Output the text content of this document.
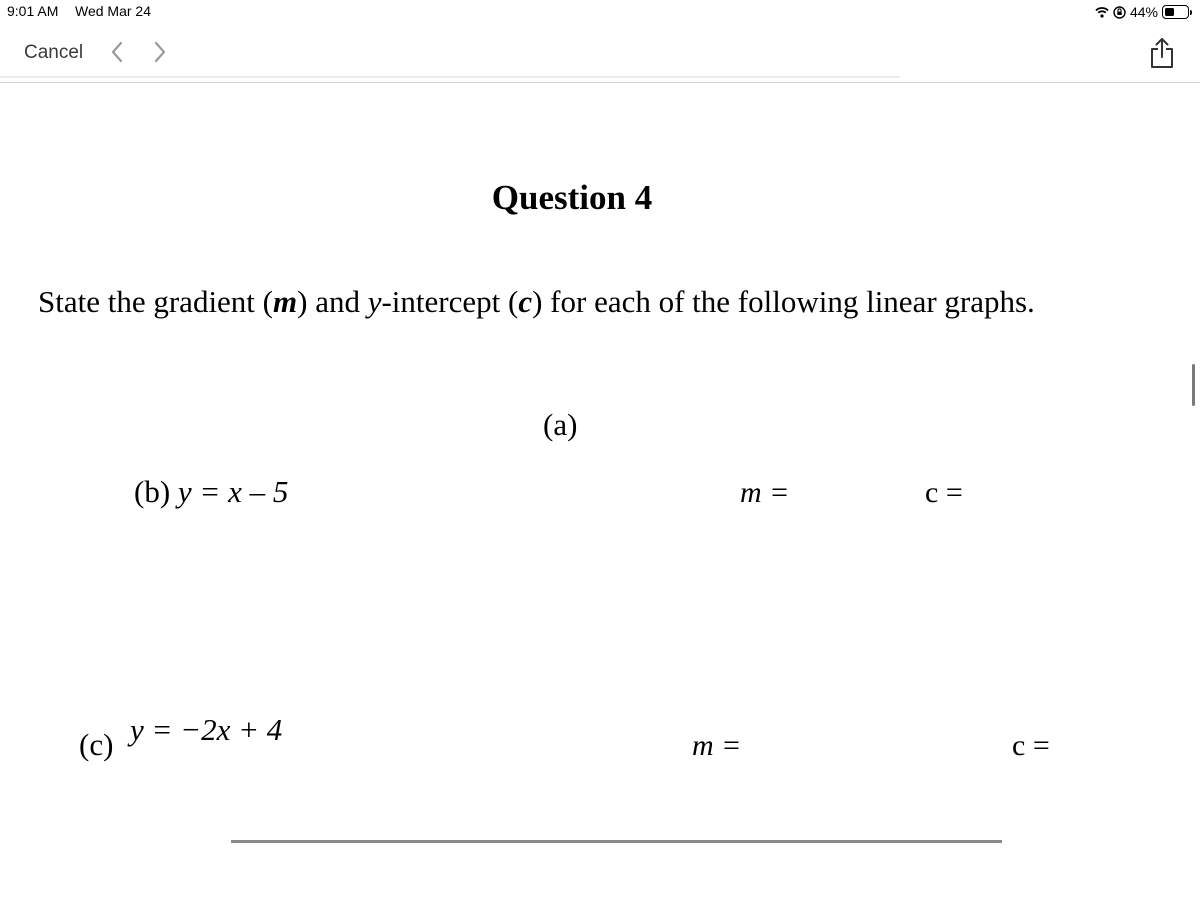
9:01 AM Wed Mar 24	44%
Cancel
Question 4
State the gradient (m) and y-intercept (c) for each of the following linear graphs.
(a)
(b) y = x – 5	m =	c =
(c) y = −2x + 4	m =	c =
